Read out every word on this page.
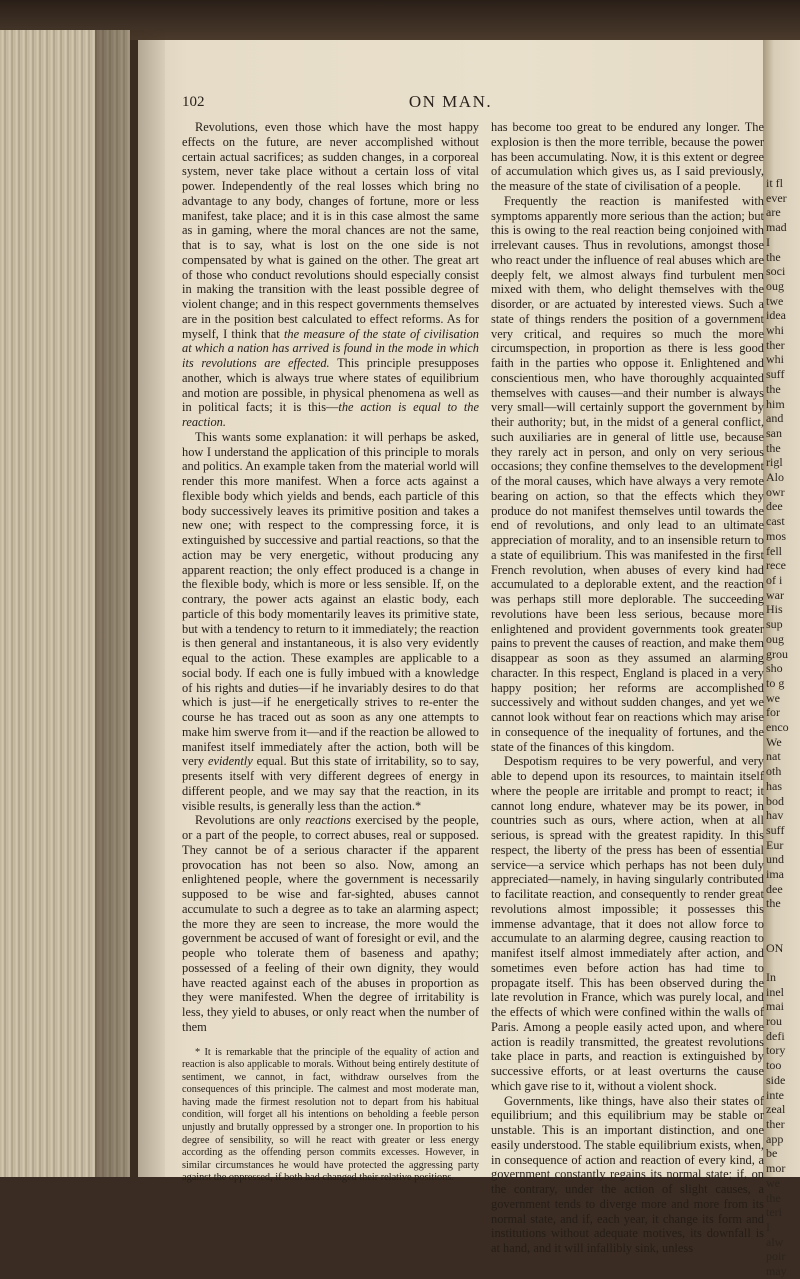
it fl
ever
are
mad
I
the
soci
oug
twe
idea
whi
ther
whi
suff
the
him
and
san
the
rigl
Alo
owr
dee
cast
mos
fell
rece
of i
war
His
sup
oug
grou
sho
to g
we
for
enco
We
nat
oth
has
bod
hav
suff
Eur
und
ima
dee
the

ON

In
inel
mai
rou
defi
tory
too
side
inte
zeal
ther
app
be
mor
we
the
teri
I
alw
poir
may
102	ON MAN.

Revolutions, even those which have the most happy effects on the future, are never accomplished without certain actual sacrifices; as sudden changes, in a corporeal system, never take place without a certain loss of vital power. Independently of the real losses which bring no advantage to any body, changes of fortune, more or less manifest, take place; and it is in this case almost the same as in gaming, where the moral chances are not the same, that is to say, what is lost on the one side is not compensated by what is gained on the other. The great art of those who conduct revolutions should especially consist in making the transition with the least possible degree of violent change; and in this respect governments themselves are in the position best calculated to effect reforms. As for myself, I think that the measure of the state of civilisation at which a nation has arrived is found in the mode in which its revolutions are effected. This principle presupposes another, which is always true where states of equilibrium and motion are possible, in physical phenomena as well as in political facts; it is this—the action is equal to the reaction.

This wants some explanation: it will perhaps be asked, how I understand the application of this principle to morals and politics. An example taken from the material world will render this more manifest. When a force acts against a flexible body which yields and bends, each particle of this body successively leaves its primitive position and takes a new one; with respect to the compressing force, it is extinguished by successive and partial reactions, so that the action may be very energetic, without producing any apparent reaction; the only effect produced is a change in the flexible body, which is more or less sensible. If, on the contrary, the power acts against an elastic body, each particle of this body momentarily leaves its primitive state, but with a tendency to return to it immediately; the reaction is then general and instantaneous, it is also very evidently equal to the action. These examples are applicable to a social body. If each one is fully imbued with a knowledge of his rights and duties—if he invariably desires to do that which is just—if he energetically strives to re-enter the course he has traced out as soon as any one attempts to make him swerve from it—and if the reaction be allowed to manifest itself immediately after the action, both will be very evidently equal. But this state of irritability, so to say, presents itself with very different degrees of energy in different people, and we may say that the reaction, in its visible results, is generally less than the action.*

Revolutions are only reactions exercised by the people, or a part of the people, to correct abuses, real or supposed. They cannot be of a serious character if the apparent provocation has not been so also. Now, among an enlightened people, where the government is necessarily supposed to be wise and far-sighted, abuses cannot accumulate to such a degree as to take an alarming aspect; the more they are seen to increase, the more would the government be accused of want of foresight or evil, and the people who tolerate them of baseness and apathy; possessed of a feeling of their own dignity, they would have reacted against each of the abuses in proportion as they were manifested. When the degree of irritability is less, they yield to abuses, or only react when the number of them

* It is remarkable that the principle of the equality of action and reaction is also applicable to morals. Without being entirely destitute of sentiment, we cannot, in fact, withdraw ourselves from the consequences of this principle. The calmest and most moderate man, having made the firmest resolution not to depart from his habitual condition, will forget all his intentions on beholding a feeble person unjustly and brutally oppressed by a stronger one. In proportion to his degree of sensibility, so will he react with greater or less energy according as the offending person commits excesses. However, in similar circumstances he would have protected the aggressing party against the oppressed, if both had changed their relative positions.

has become too great to be endured any longer. The explosion is then the more terrible, because the power has been accumulating. Now, it is this extent or degree of accumulation which gives us, as I said previously, the measure of the state of civilisation of a people.

Frequently the reaction is manifested with symptoms apparently more serious than the action; but this is owing to the real reaction being conjoined with irrelevant causes. Thus in revolutions, amongst those who react under the influence of real abuses which are deeply felt, we almost always find turbulent men mixed with them, who delight themselves with the disorder, or are actuated by interested views. Such a state of things renders the position of a government very critical, and requires so much the more circumspection, in proportion as there is less good faith in the parties who oppose it. Enlightened and conscientious men, who have thoroughly acquainted themselves with causes—and their number is always very small—will certainly support the government by their authority; but, in the midst of a general conflict, such auxiliaries are in general of little use, because they rarely act in person, and only on very serious occasions; they confine themselves to the development of the moral causes, which have always a very remote bearing on action, so that the effects which they produce do not manifest themselves until towards the end of revolutions, and only lead to an ultimate appreciation of morality, and to an insensible return to a state of equilibrium. This was manifested in the first French revolution, when abuses of every kind had accumulated to a deplorable extent, and the reaction was perhaps still more deplorable. The succeeding revolutions have been less serious, because more enlightened and provident governments took greater pains to prevent the causes of reaction, and make them disappear as soon as they assumed an alarming character. In this respect, England is placed in a very happy position; her reforms are accomplished successively and without sudden changes, and yet we cannot look without fear on reactions which may arise in consequence of the inequality of fortunes, and the state of the finances of this kingdom.

Despotism requires to be very powerful, and very able to depend upon its resources, to maintain itself where the people are irritable and prompt to react; it cannot long endure, whatever may be its power, in countries such as ours, where action, when at all serious, is spread with the greatest rapidity. In this respect, the liberty of the press has been of essential service—a service which perhaps has not been duly appreciated—namely, in having singularly contributed to facilitate reaction, and consequently to render great revolutions almost impossible; it possesses this immense advantage, that it does not allow force to accumulate to an alarming degree, causing reaction to manifest itself almost immediately after action, and sometimes even before action has had time to propagate itself. This has been observed during the late revolution in France, which was purely local, and the effects of which were confined within the walls of Paris. Among a people easily acted upon, and where action is readily transmitted, the greatest revolutions take place in parts, and reaction is extinguished by successive efforts, or at least overturns the cause which gave rise to it, without a violent shock.

Governments, like things, have also their states of equilibrium; and this equilibrium may be stable or unstable. This is an important distinction, and one easily understood. The stable equilibrium exists, when, in consequence of action and reaction of every kind, a government constantly regains its normal state; if, on the contrary, under the action of slight causes, a government tends to diverge more and more from its normal state, and if, each year, it change its form and institutions without adequate motives, its downfall is at hand, and it will infallibly sink, unless
